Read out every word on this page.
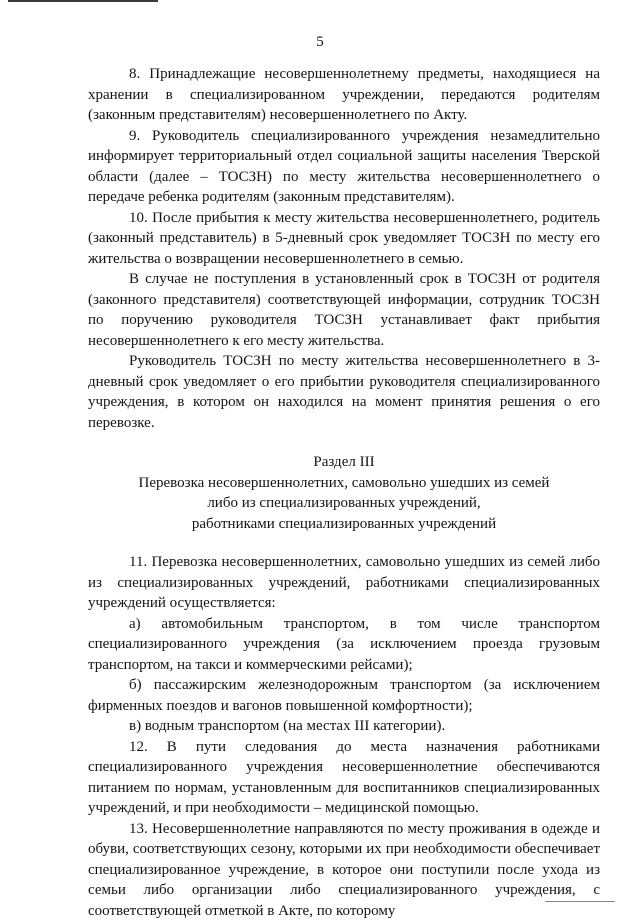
5

8. Принадлежащие несовершеннолетнему предметы, находящиеся на хранении в специализированном учреждении, передаются родителям (законным представителям) несовершеннолетнего по Акту.

9. Руководитель специализированного учреждения незамедлительно информирует территориальный отдел социальной защиты населения Тверской области (далее – ТОСЗН) по месту жительства несовершеннолетнего о передаче ребенка родителям (законным представителям).

10. После прибытия к месту жительства несовершеннолетнего, родитель (законный представитель) в 5-дневный срок уведомляет ТОСЗН по месту его жительства о возвращении несовершеннолетнего в семью.

В случае не поступления в установленный срок в ТОСЗН от родителя (законного представителя) соответствующей информации, сотрудник ТОСЗН по поручению руководителя ТОСЗН устанавливает факт прибытия несовершеннолетнего к его месту жительства.

Руководитель ТОСЗН по месту жительства несовершеннолетнего в 3-дневный срок уведомляет о его прибытии руководителя специализированного учреждения, в котором он находился на момент принятия решения о его перевозке.

Раздел III
Перевозка несовершеннолетних, самовольно ушедших из семей
либо из специализированных учреждений,
работниками специализированных учреждений

11. Перевозка несовершеннолетних, самовольно ушедших из семей либо из специализированных учреждений, работниками специализированных учреждений осуществляется:

а) автомобильным транспортом, в том числе транспортом специализированного учреждения (за исключением проезда грузовым транспортом, на такси и коммерческими рейсами);

б) пассажирским железнодорожным транспортом (за исключением фирменных поездов и вагонов повышенной комфортности);

в) водным транспортом (на местах III категории).

12. В пути следования до места назначения работниками специализированного учреждения несовершеннолетние обеспечиваются питанием по нормам, установленным для воспитанников специализированных учреждений, и при необходимости – медицинской помощью.

13. Несовершеннолетние направляются по месту проживания в одежде и обуви, соответствующих сезону, которыми их при необходимости обеспечивает специализированное учреждение, в которое они поступили после ухода из семьи либо организации либо специализированного учреждения, с соответствующей отметкой в Акте, по которому
